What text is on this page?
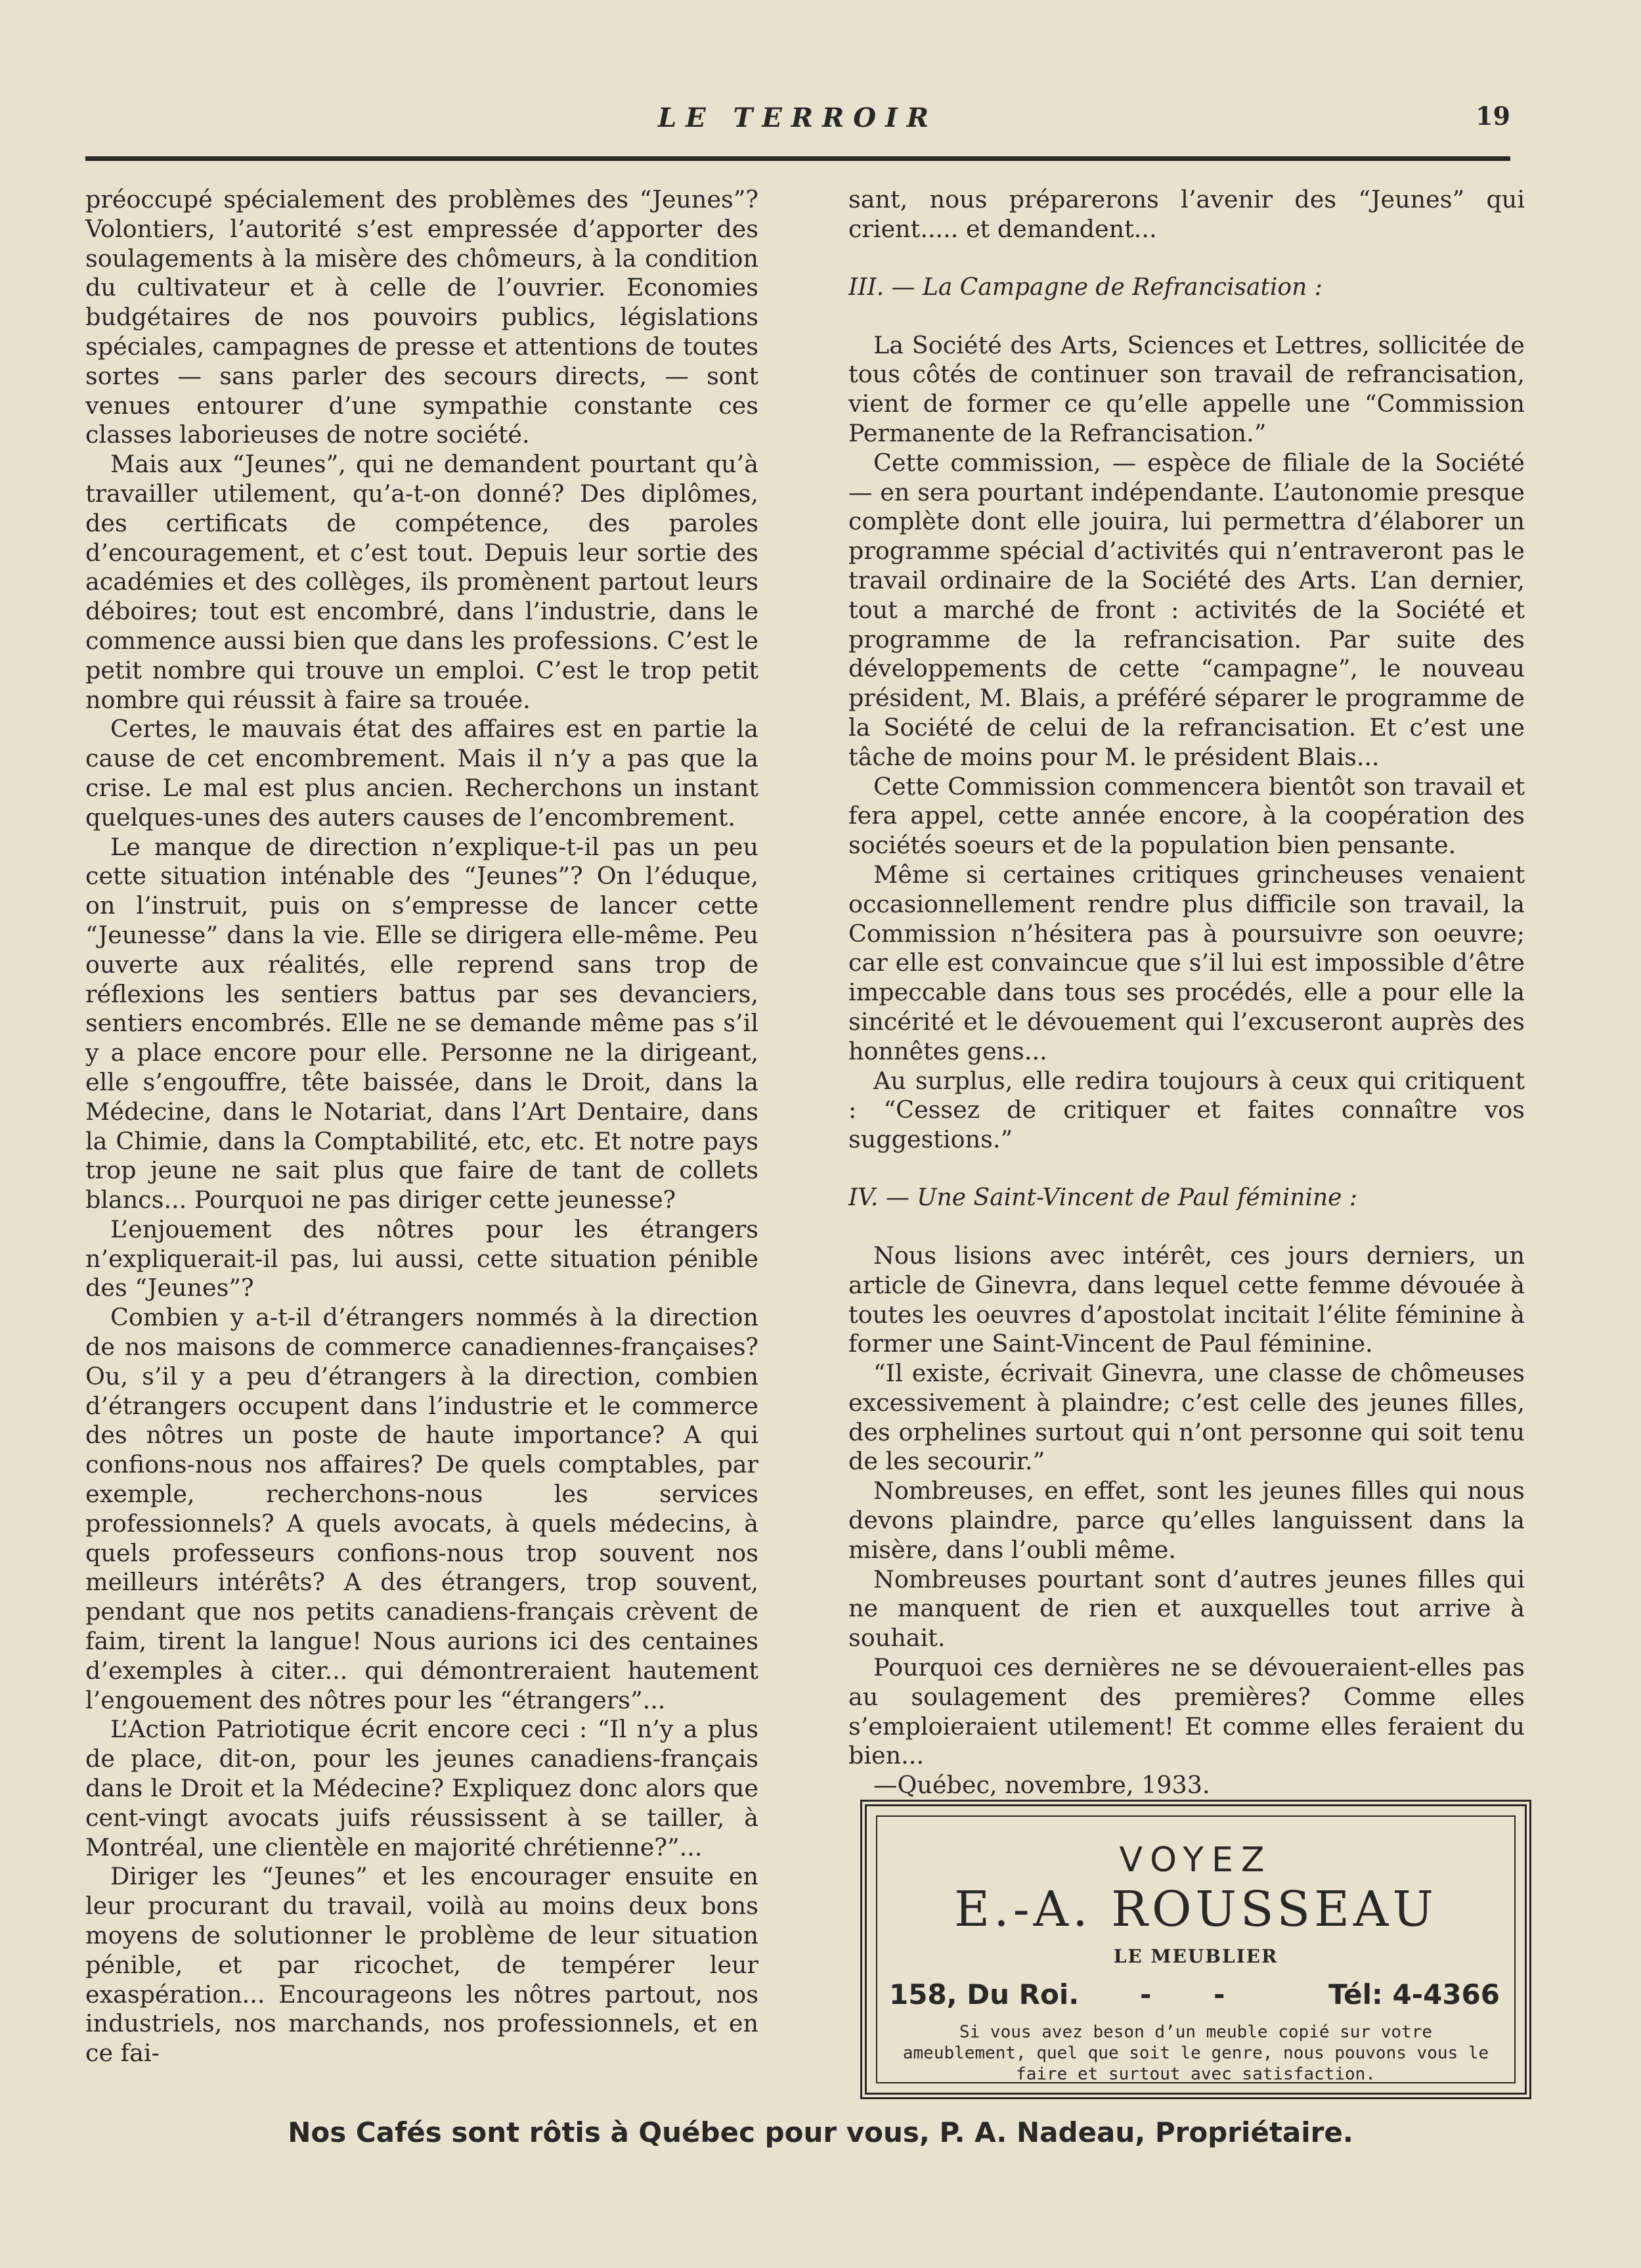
LE TERROIR	19

préoccupé spécialement des problèmes des “Jeunes”? Volontiers, l’autorité s’est empressée d’apporter des soulagements à la misère des chômeurs, à la condition du cultivateur et à celle de l’ouvrier. Economies budgétaires de nos pouvoirs publics, législations spéciales, campagnes de presse et attentions de toutes sortes — sans parler des secours directs, — sont venues entourer d’une sympathie constante ces classes laborieuses de notre société.

Mais aux “Jeunes”, qui ne demandent pourtant qu’à travailler utilement, qu’a-t-on donné? Des diplômes, des certificats de compétence, des paroles d’encouragement, et c’est tout. Depuis leur sortie des académies et des collèges, ils promènent partout leurs déboires; tout est encombré, dans l’industrie, dans le commence aussi bien que dans les professions. C’est le petit nombre qui trouve un emploi. C’est le trop petit nombre qui réussit à faire sa trouée.

Certes, le mauvais état des affaires est en partie la cause de cet encombrement. Mais il n’y a pas que la crise. Le mal est plus ancien. Recherchons un instant quelques-unes des auters causes de l’encombrement.

Le manque de direction n’explique-t-il pas un peu cette situation inténable des “Jeunes”? On l’éduque, on l’instruit, puis on s’empresse de lancer cette “Jeunesse” dans la vie. Elle se dirigera elle-même. Peu ouverte aux réalités, elle reprend sans trop de réflexions les sentiers battus par ses devanciers, sentiers encombrés. Elle ne se demande même pas s’il y a place encore pour elle. Personne ne la dirigeant, elle s’engouffre, tête baissée, dans le Droit, dans la Médecine, dans le Notariat, dans l’Art Dentaire, dans la Chimie, dans la Comptabilité, etc, etc. Et notre pays trop jeune ne sait plus que faire de tant de collets blancs... Pourquoi ne pas diriger cette jeunesse?

L’enjouement des nôtres pour les étrangers n’expliquerait-il pas, lui aussi, cette situation pénible des “Jeunes”?

Combien y a-t-il d’étrangers nommés à la direction de nos maisons de commerce canadiennes-françaises? Ou, s’il y a peu d’étrangers à la direction, combien d’étrangers occupent dans l’industrie et le commerce des nôtres un poste de haute importance? A qui confions-nous nos affaires? De quels comptables, par exemple, recherchons-nous les services professionnels? A quels avocats, à quels médecins, à quels professeurs confions-nous trop souvent nos meilleurs intérêts? A des étrangers, trop souvent, pendant que nos petits canadiens-français crèvent de faim, tirent la langue! Nous aurions ici des centaines d’exemples à citer... qui démontreraient hautement l’engouement des nôtres pour les “étrangers”...

L’Action Patriotique écrit encore ceci : “Il n’y a plus de place, dit-on, pour les jeunes canadiens-français dans le Droit et la Médecine? Expliquez donc alors que cent-vingt avocats juifs réussissent à se tailler, à Montréal, une clientèle en majorité chrétienne?”...

Diriger les “Jeunes” et les encourager ensuite en leur procurant du travail, voilà au moins deux bons moyens de solutionner le problème de leur situation pénible, et par ricochet, de tempérer leur exaspération... Encourageons les nôtres partout, nos industriels, nos marchands, nos professionnels, et en ce fai-

sant, nous préparerons l’avenir des “Jeunes” qui crient..... et demandent...

III. — La Campagne de Refrancisation :

La Société des Arts, Sciences et Lettres, sollicitée de tous côtés de continuer son travail de refrancisation, vient de former ce qu’elle appelle une “Commission Permanente de la Refrancisation.”

Cette commission, — espèce de filiale de la Société — en sera pourtant indépendante. L’autonomie presque complète dont elle jouira, lui permettra d’élaborer un programme spécial d’activités qui n’entraveront pas le travail ordinaire de la Société des Arts. L’an dernier, tout a marché de front : activités de la Société et programme de la refrancisation. Par suite des développements de cette “campagne”, le nouveau président, M. Blais, a préféré séparer le programme de la Société de celui de la refrancisation. Et c’est une tâche de moins pour M. le président Blais...

Cette Commission commencera bientôt son travail et fera appel, cette année encore, à la coopération des sociétés soeurs et de la population bien pensante.

Même si certaines critiques grincheuses venaient occasionnellement rendre plus difficile son travail, la Commission n’hésitera pas à poursuivre son oeuvre; car elle est convaincue que s’il lui est impossible d’être impeccable dans tous ses procédés, elle a pour elle la sincérité et le dévouement qui l’excuseront auprès des honnêtes gens...

Au surplus, elle redira toujours à ceux qui critiquent : “Cessez de critiquer et faites connaître vos suggestions.”

IV. — Une Saint-Vincent de Paul féminine :

Nous lisions avec intérêt, ces jours derniers, un article de Ginevra, dans lequel cette femme dévouée à toutes les oeuvres d’apostolat incitait l’élite féminine à former une Saint-Vincent de Paul féminine.

“Il existe, écrivait Ginevra, une classe de chômeuses excessivement à plaindre; c’est celle des jeunes filles, des orphelines surtout qui n’ont personne qui soit tenu de les secourir.”

Nombreuses, en effet, sont les jeunes filles qui nous devons plaindre, parce qu’elles languissent dans la misère, dans l’oubli même.

Nombreuses pourtant sont d’autres jeunes filles qui ne manquent de rien et auxquelles tout arrive à souhait.

Pourquoi ces dernières ne se dévoueraient-elles pas au soulagement des premières? Comme elles s’emploieraient utilement! Et comme elles feraient du bien...

—Québec, novembre, 1933.

VOYEZ
E.-A. ROUSSEAU
LE MEUBLIER
158, Du Roi. - -	Tél: 4-4366
Si vous avez beson d’un meuble copié sur votre ameublement, quel que soit le genre, nous pouvons vous le faire et surtout avec satisfaction.
Nos Cafés sont rôtis à Québec pour vous, P. A. Nadeau, Propriétaire.
